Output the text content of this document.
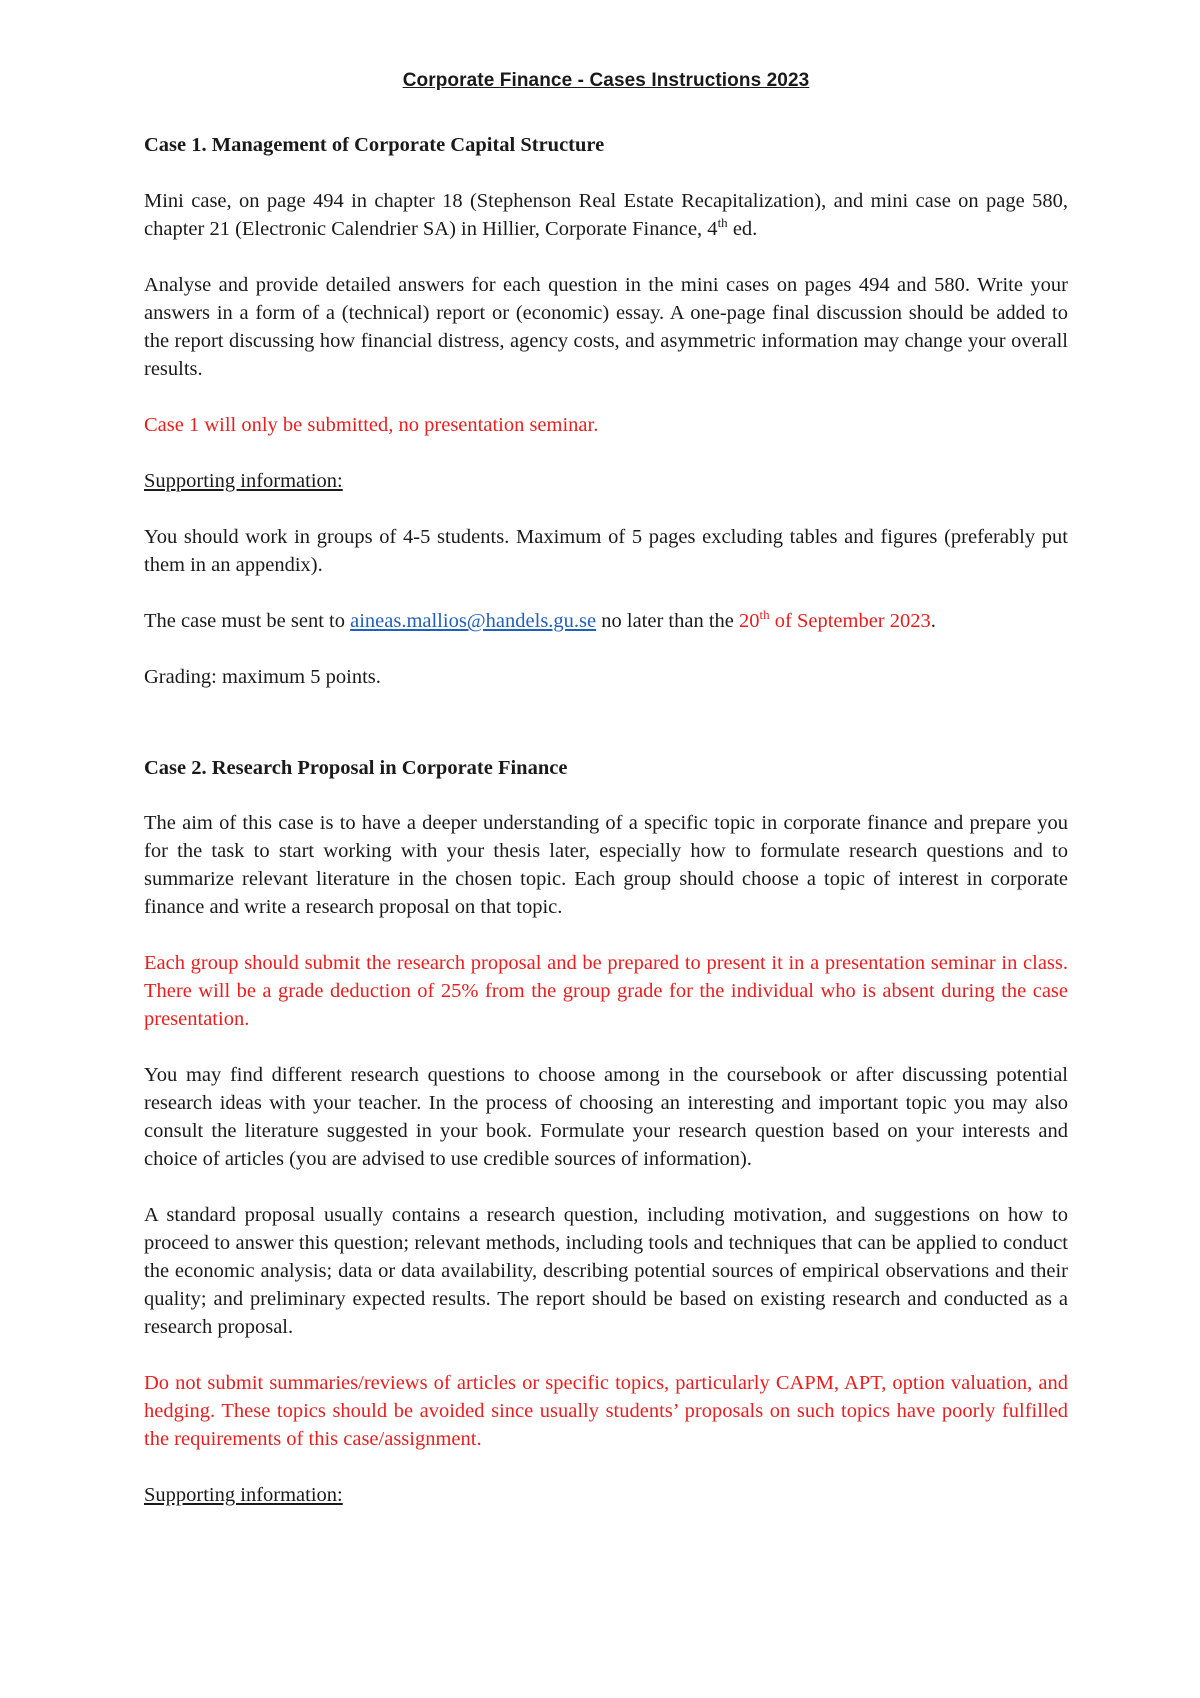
Corporate Finance - Cases Instructions 2023
Case 1. Management of Corporate Capital Structure

Mini case, on page 494 in chapter 18 (Stephenson Real Estate Recapitalization), and mini case on page 580, chapter 21 (Electronic Calendrier SA) in Hillier, Corporate Finance, 4th ed.

Analyse and provide detailed answers for each question in the mini cases on pages 494 and 580. Write your answers in a form of a (technical) report or (economic) essay. A one-page final discussion should be added to the report discussing how financial distress, agency costs, and asymmetric information may change your overall results.

Case 1 will only be submitted, no presentation seminar.

Supporting information:

You should work in groups of 4-5 students. Maximum of 5 pages excluding tables and figures (preferably put them in an appendix).

The case must be sent to aineas.mallios@handels.gu.se no later than the 20th of September 2023.

Grading: maximum 5 points.

Case 2. Research Proposal in Corporate Finance

The aim of this case is to have a deeper understanding of a specific topic in corporate finance and prepare you for the task to start working with your thesis later, especially how to formulate research questions and to summarize relevant literature in the chosen topic. Each group should choose a topic of interest in corporate finance and write a research proposal on that topic.

Each group should submit the research proposal and be prepared to present it in a presentation seminar in class. There will be a grade deduction of 25% from the group grade for the individual who is absent during the case presentation.

You may find different research questions to choose among in the coursebook or after discussing potential research ideas with your teacher. In the process of choosing an interesting and important topic you may also consult the literature suggested in your book. Formulate your research question based on your interests and choice of articles (you are advised to use credible sources of information).

A standard proposal usually contains a research question, including motivation, and suggestions on how to proceed to answer this question; relevant methods, including tools and techniques that can be applied to conduct the economic analysis; data or data availability, describing potential sources of empirical observations and their quality; and preliminary expected results. The report should be based on existing research and conducted as a research proposal.

Do not submit summaries/reviews of articles or specific topics, particularly CAPM, APT, option valuation, and hedging. These topics should be avoided since usually students’ proposals on such topics have poorly fulfilled the requirements of this case/assignment.

Supporting information:
